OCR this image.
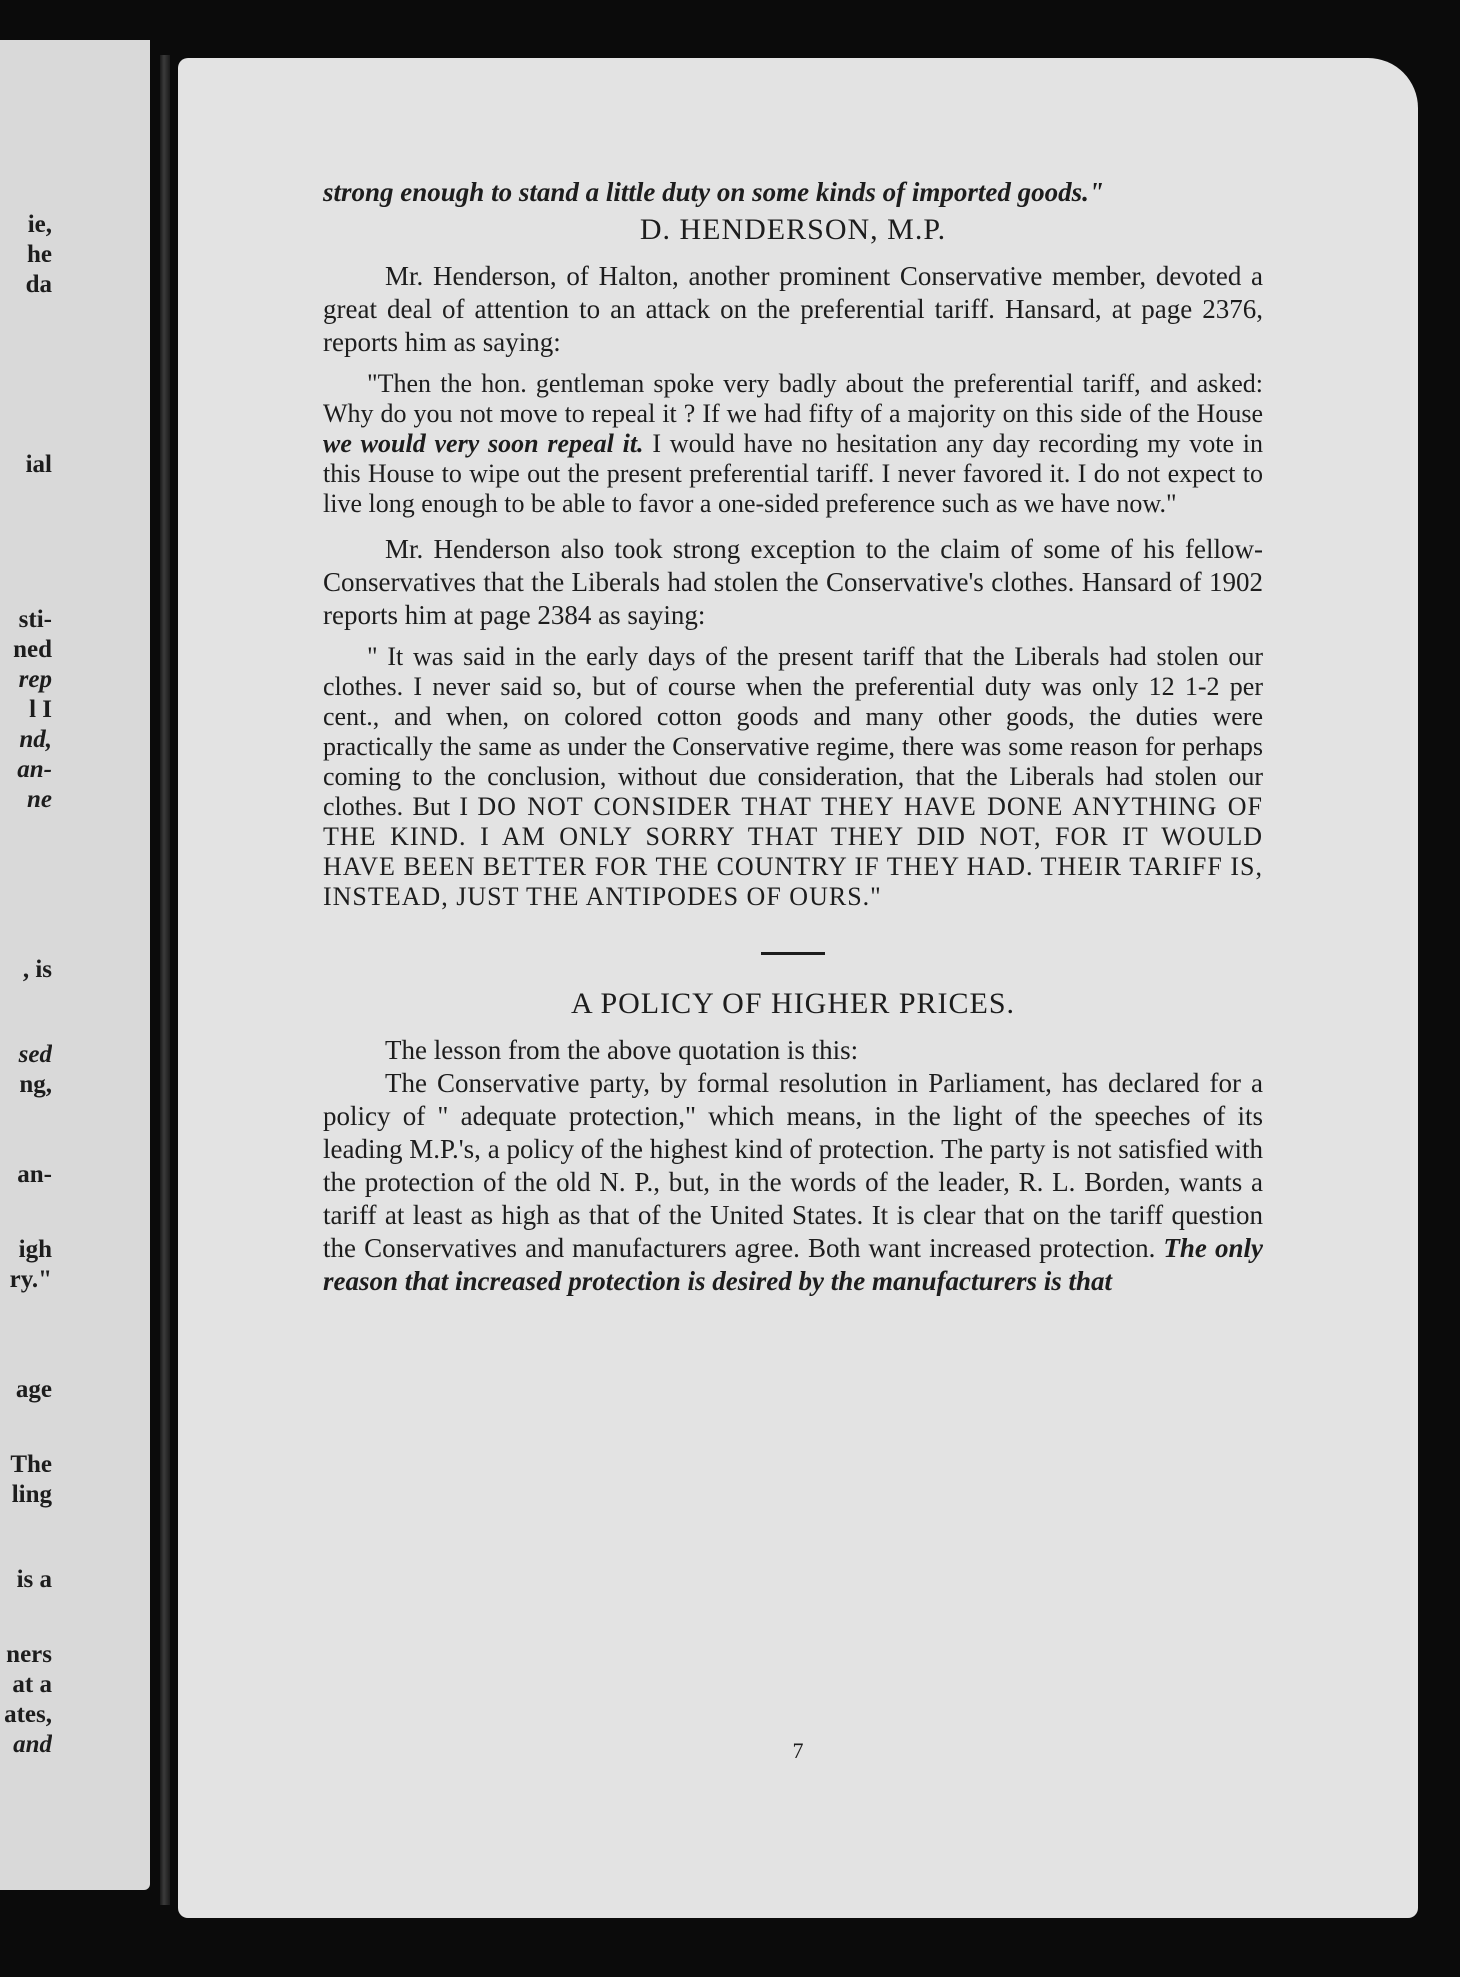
ie,
he
da
ial
sti-
ned
rep
l I
nd,
an-
ne
, is
sed
ng,
an-
igh
ry."
age
The
ling
is a
ners
at a
ates,
and

strong enough to stand a little duty on some kinds of imported goods."

D. HENDERSON, M.P.

Mr. Henderson, of Halton, another prominent Conservative member, devoted a great deal of attention to an attack on the preferential tariff. Hansard, at page 2376, reports him as saying:

"Then the hon. gentleman spoke very badly about the preferential tariff, and asked: Why do you not move to repeal it ? If we had fifty of a majority on this side of the House we would very soon repeal it. I would have no hesitation any day recording my vote in this House to wipe out the present preferential tariff. I never favored it. I do not expect to live long enough to be able to favor a one-sided preference such as we have now."

Mr. Henderson also took strong exception to the claim of some of his fellow-Conservatives that the Liberals had stolen the Conservative's clothes. Hansard of 1902 reports him at page 2384 as saying:

" It was said in the early days of the present tariff that the Liberals had stolen our clothes. I never said so, but of course when the preferential duty was only 12 1-2 per cent., and when, on colored cotton goods and many other goods, the duties were practically the same as under the Conservative regime, there was some reason for perhaps coming to the conclusion, without due consideration, that the Liberals had stolen our clothes. But I DO NOT CONSIDER THAT THEY HAVE DONE ANYTHING OF THE KIND. I AM ONLY SORRY THAT THEY DID NOT, FOR IT WOULD HAVE BEEN BETTER FOR THE COUNTRY IF THEY HAD. THEIR TARIFF IS, INSTEAD, JUST THE ANTIPODES OF OURS."

A POLICY OF HIGHER PRICES.

The lesson from the above quotation is this:

The Conservative party, by formal resolution in Parliament, has declared for a policy of " adequate protection," which means, in the light of the speeches of its leading M.P.'s, a policy of the highest kind of protection. The party is not satisfied with the protection of the old N. P., but, in the words of the leader, R. L. Borden, wants a tariff at least as high as that of the United States. It is clear that on the tariff question the Conservatives and manufacturers agree. Both want increased protection. The only reason that increased protection is desired by the manufacturers is that

7
